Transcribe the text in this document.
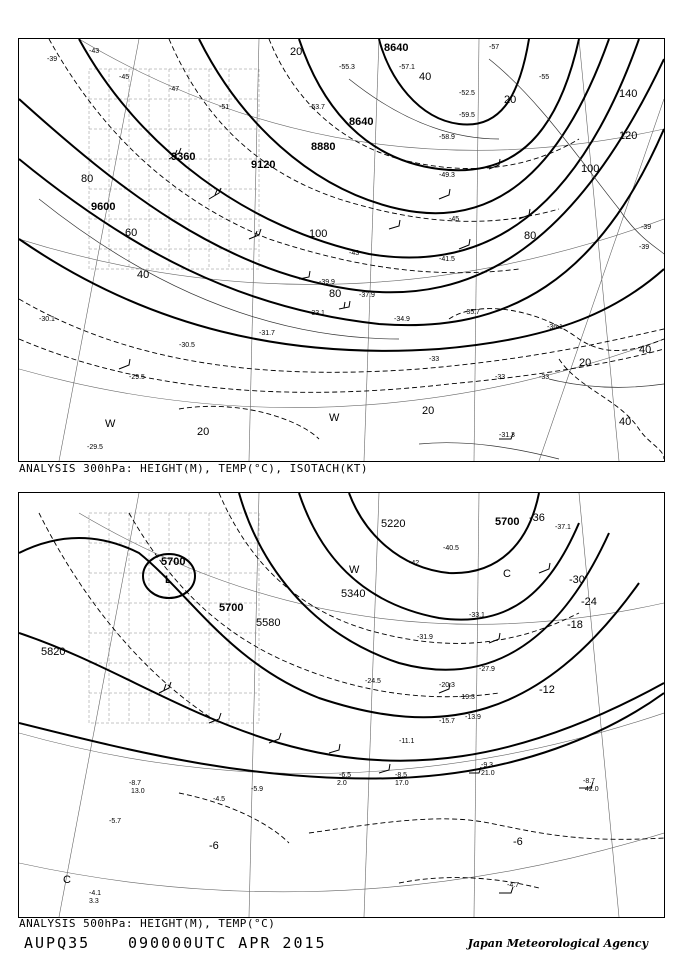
8640
8640
8880
9360
9120
9600
20
40
80
60
40
100
80
120
140
100
80
20
40
20
20
20
40
-39
-43
-45
-47
-51	-53.7
-55.3	-57.1
-59.5
-58.9
-57
-55
-52.5
-49.3
-45
-43
-41.5
-39.9
-37.9
-35.7
-34.9
-33.1
-31.7
-30.5
-30.1
-31.3
-29.5
-29.5
-36.1
-39
-39
-33
-33	-33
W	W
ANALYSIS 300hPa: HEIGHT(M), TEMP(°C), ISOTACH(KT)
5700
5700
5820
5580
5340
5220	5700 -36
-30
-24
-18
-12
-6	-6
-42
-40.5
-37.1
-33.1
-31.9
-27.9
-24.5
-20.3
-19.3
-15.7
-13.9
-11.1
-9.3
-8.7
-8.5
-6.5
-5.9
-5.7
-4.7
-4.5
-4.1
-8.7
21.0
42.0
17.0
13.0
3.3
2.0
L
C
C
W
ANALYSIS 500hPa: HEIGHT(M), TEMP(°C)
AUPQ35	090000UTC APR 2015	Japan Meteorological Agency
